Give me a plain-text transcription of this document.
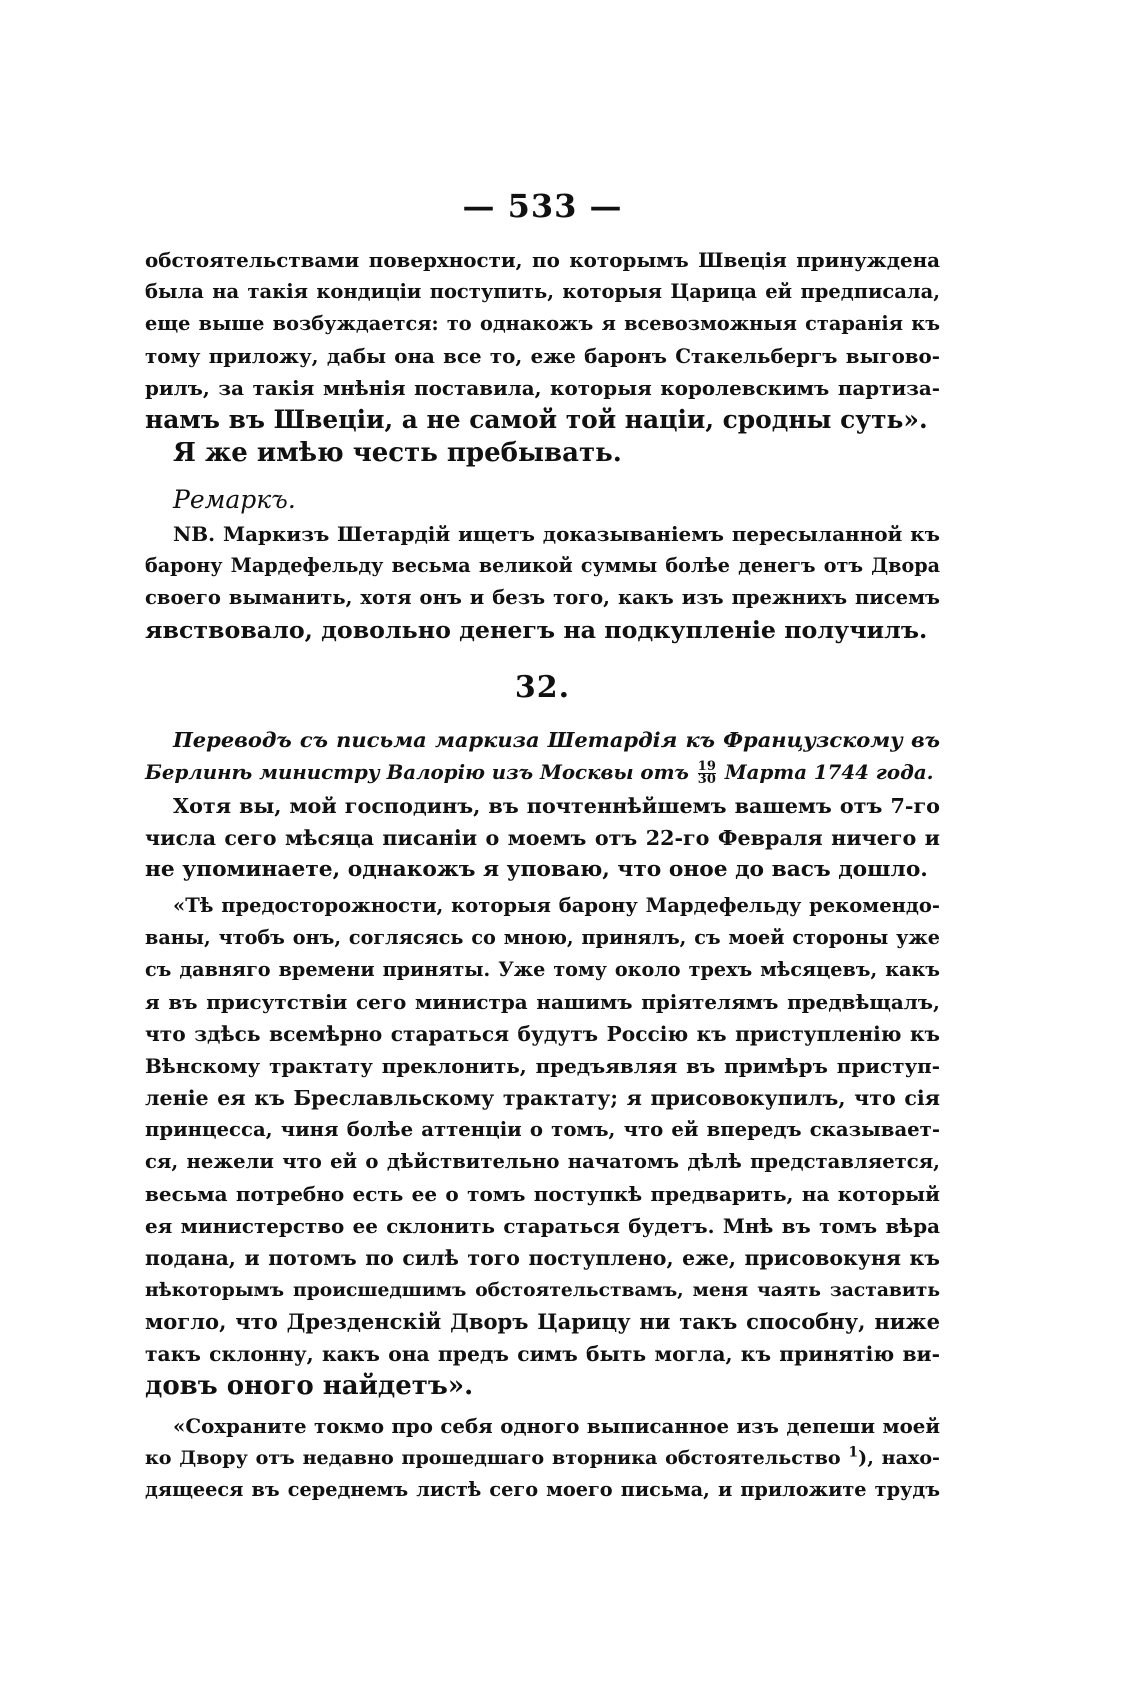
— 533 —
обстоятельствами поверхности, по которымъ Швеція принуждена
была на такія кондиціи поступить, которыя Царица ей предписала,
еще выше возбуждается: то однакожъ я всевозможныя старанія къ
тому приложу, дабы она все то, еже баронъ Стакельбергъ выгово-
рилъ, за такія мнѣнія поставила, которыя королевскимъ партиза-
намъ въ Швеціи, а не самой той націи, сродны суть».
Я же имѣю честь пребывать.
Ремаркъ.
NB. Маркизъ Шетардій ищетъ доказываніемъ пересыланной къ
барону Мардефельду весьма великой суммы болѣе денегъ отъ Двора
своего выманить, хотя онъ и безъ того, какъ изъ прежнихъ писемъ
явствовало, довольно денегъ на подкупленіе получилъ.
32.
Переводъ съ письма маркиза Шетардія къ Французскому въ
Берлинѣ министру Валорію изъ Москвы отъ $\frac{19}{30}$ Марта 1744 года.
Хотя вы, мой господинъ, въ почтеннѣйшемъ вашемъ отъ 7-го
числа сего мѣсяца писаніи о моемъ отъ 22-го Февраля ничего и
не упоминаете, однакожъ я уповаю, что оное до васъ дошло.
«Тѣ предосторожности, которыя барону Мардефельду рекомендо-
ваны, чтобъ онъ, соглясясь со мною, принялъ, съ моей стороны уже
съ давняго времени приняты. Уже тому около трехъ мѣсяцевъ, какъ
я въ присутствіи сего министра нашимъ пріятелямъ предвѣщалъ,
что здѣсь всемѣрно стараться будутъ Россію къ приступленію къ
Вѣнскому трактату преклонить, предъявляя въ примѣръ приступ-
леніе ея къ Бреславльскому трактату; я присовокупилъ, что сія
принцесса, чиня болѣе аттенціи о томъ, что ей впередъ сказывает-
ся, нежели что ей о дѣйствительно начатомъ дѣлѣ представляется,
весьма потребно есть ее о томъ поступкѣ предварить, на который
ея министерство ее склонить стараться будетъ. Мнѣ въ томъ вѣра
подана, и потомъ по силѣ того поступлено, еже, присовокуня къ
нѣкоторымъ происшедшимъ обстоятельствамъ, меня чаять заставить
могло, что Дрезденскій Дворъ Царицу ни такъ способну, ниже
такъ склонну, какъ она предъ симъ быть могла, къ принятію ви-
довъ оного найдетъ».
«Сохраните токмо про себя одного выписанное изъ депеши моей
ко Двору отъ недавно прошедшаго вторника обстоятельство $^1$), нахо-
дящееся въ середнемъ листѣ сего моего письма, и приложите трудъ
